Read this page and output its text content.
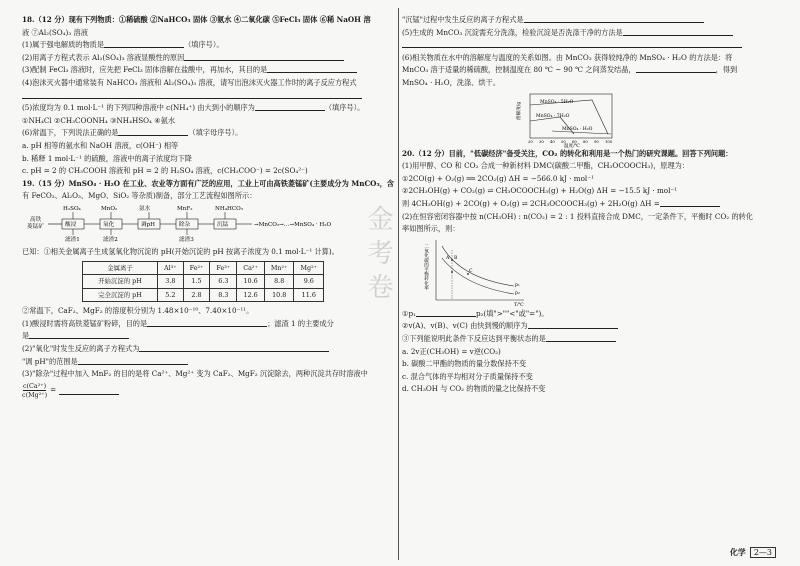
金考卷
18.（12 分）现有下列物质：①稀硫酸 ②NaHCO₃ 固体 ③氨水 ④二氧化碳 ⑤FeCl₃ 固体 ⑥稀 NaOH 溶
液 ⑦Al₂(SO₄)₃ 溶液
(1)属于强电解质的物质是	（填序号）。
(2)用离子方程式表示 Al₂(SO₄)₃ 溶液显酸性的原因
(3)配制 FeCl₃ 溶液时，应先把 FeCl₃ 固体溶解在盐酸中，再加水，其目的是
(4)泡沫灭火器中通常装有 NaHCO₃ 溶液和 Al₂(SO₄)₃ 溶液，请写出泡沫灭火器工作时的离子反应方程式
(5)浓度均为 0.1 mol·L⁻¹ 的下列四种溶液中 c(NH₄⁺) 由大到小的顺序为	（填序号）。
①NH₄Cl ②CH₃COONH₄ ③NH₄HSO₄ ④氨水
(6)常温下，下列说法正确的是	（填字母序号）。
a. pH 相等的氨水和 NaOH 溶液，c(OH⁻) 相等
b. 稀释 1 mol·L⁻¹ 的硫酸，溶液中的离子浓度均下降
c. pH = 2 的 CH₃COOH 溶液和 pH = 2 的 H₂SO₄ 溶液，c(CH₃COO⁻) = 2c(SO₄²⁻)
19.（15 分）MnSO₄ · H₂O 在工业、农业等方面有广泛的应用，工业上可由高铁菱锰矿(主要成分为 MnCO₃，含
有 FeCO₃、Al₂O₃、MgO、SiO₂ 等杂质)制备，部分工艺流程如图所示：
高铁
菱锰矿	酸浸
H₂SO₄
氧化
MnO₂
调pH
氨水
除杂
MnF₂
沉锰
NH₄HCO₃
滤渣1	滤渣2	滤渣3
→MnCO₃→…→MnSO₄ · H₂O
已知：①相关金属离子生成氢氧化物沉淀的 pH(开始沉淀的 pH 按离子浓度为 0.1 mol·L⁻¹ 计算)。
金属离子	Al³⁺	Fe²⁺	Fe³⁺	Ca²⁺	Mn²⁺	Mg²⁺
开始沉淀的 pH	3.8	1.5	6.3	10.6	8.8	9.6
完全沉淀的 pH	5.2	2.8	8.3	12.6	10.8	11.6
②常温下，CaF₂、MgF₂ 的溶度积分别为 1.48×10⁻¹⁰、7.40×10⁻¹¹。
(1)酸浸时需将高铁菱锰矿粉碎，目的是	；滤渣 1 的主要成分
是
(2)"氧化"时发生反应的离子方程式为
"调 pH"的范围是
(3)"除杂"过程中加入 MnF₂ 的目的是将 Ca²⁺、Mg²⁺ 变为 CaF₂、MgF₂ 沉淀除去，两种沉淀共存时溶液中
$\frac{\text{c(Ca²⁺)}}{\text{c(Mg²⁺)}}$ =
"沉锰"过程中发生反应的离子方程式是
(5)生成的 MnCO₃ 沉淀需充分洗涤，检验沉淀是否洗涤干净的方法是
(6)相关物质在水中的溶解度与温度的关系如图。由 MnCO₃ 获得较纯净的 MnSO₄ · H₂O 的方法是：将
MnCO₃ 溶于适量的稀硫酸，控制温度在 80 ℃ ~ 90 ℃ 之间蒸发结晶，	，得到
MnSO₄ · H₂O，洗涤、烘干。
溶解度/g	MnSO₄ · 5H₂O
MnSO₄ · 7H₂O
MnSO₄ · H₂O
20 30 40 50 60 80 90 100
温度/℃
20.（12 分）目前，"低碳经济"备受关注，CO₂ 的转化和利用是一个热门的研究课题。回答下列问题：
(1)用甲醇、CO 和 CO₂ 合成一种新材料 DMC(碳酸二甲酯，CH₃OCOOCH₃)，原理为：
①2CO(g) + O₂(g) ══ 2CO₂(g) ΔH = −566.0 kJ · mol⁻¹
②2CH₃OH(g) + CO₂(g) ⇌ CH₃OCOOCH₃(g) + H₂O(g) ΔH = −15.5 kJ · mol⁻¹
则 4CH₃OH(g) + 2CO(g) + O₂(g) ⇌ 2CH₃OCOOCH₃(g) + 2H₂O(g) ΔH =
(2)在恒容密闭容器中按 n(CH₃OH) : n(CO₂) = 2 : 1 投料直接合成 DMC，一定条件下，平衡时 CO₂ 的转化
率如图所示，则：
二氧化碳的平衡转化率	A B
C
p₁
p₂
T/℃
①p₁	p₂(填">""<"或"=")。
②v(A)、v(B)、v(C) 由快到慢的顺序为
③下列能说明此条件下反应达到平衡状态的是
a. 2v正(CH₃OH) = v逆(CO₂)
b. 碳酸二甲酯的物质的量分数保持不变
c. 混合气体的平均相对分子质量保持不变
d. CH₃OH 与 CO₂ 的物质的量之比保持不变
化学 2—3
